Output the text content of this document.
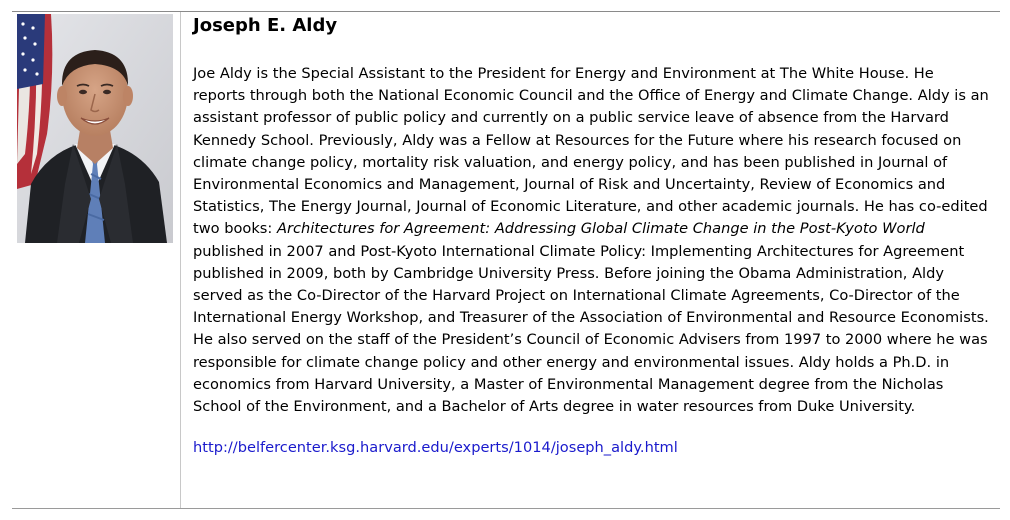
Joseph E. Aldy

Joe Aldy is the Special Assistant to the President for Energy and Environment at The White House. He reports through both the National Economic Council and the Office of Energy and Climate Change. Aldy is an assistant professor of public policy and currently on a public service leave of absence from the Harvard Kennedy School. Previously, Aldy was a Fellow at Resources for the Future where his research focused on climate change policy, mortality risk valuation, and energy policy, and has been published in Journal of Environmental Economics and Management, Journal of Risk and Uncertainty, Review of Economics and Statistics, The Energy Journal, Journal of Economic Literature, and other academic journals. He has co-edited two books: Architectures for Agreement: Addressing Global Climate Change in the Post-Kyoto World published in 2007 and Post-Kyoto International Climate Policy: Implementing Architectures for Agreement published in 2009, both by Cambridge University Press. Before joining the Obama Administration, Aldy served as the Co-Director of the Harvard Project on International Climate Agreements, Co-Director of the International Energy Workshop, and Treasurer of the Association of Environmental and Resource Economists. He also served on the staff of the President’s Council of Economic Advisers from 1997 to 2000 where he was responsible for climate change policy and other energy and environmental issues. Aldy holds a Ph.D. in economics from Harvard University, a Master of Environmental Management degree from the Nicholas School of the Environment, and a Bachelor of Arts degree in water resources from Duke University.

http://belfercenter.ksg.harvard.edu/experts/1014/joseph_aldy.html
